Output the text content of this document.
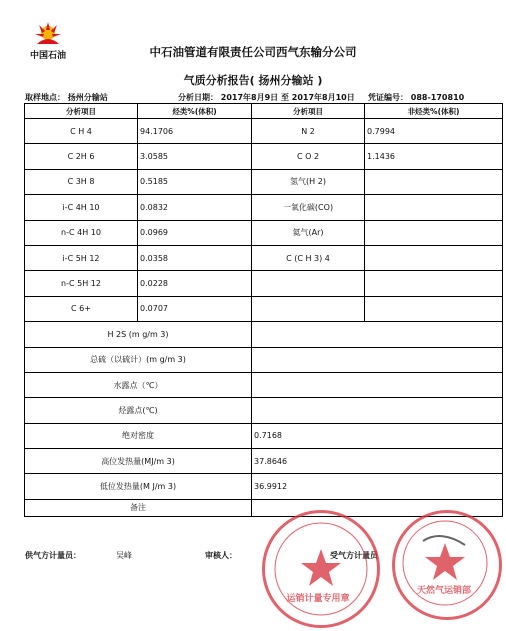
中国石油	中石油管道有限责任公司西气东输分公司
气质分析报告( 扬州分输站 )
取样地点： 扬州分输站	分析日期： 2017年8月9日 至 2017年8月10日 凭证编号： 088-170810
分析项目	烃类%(体积)	分析项目	非烃类%(体积)
C H 4	94.1706	N 2	0.7994
C 2H 6	3.0585	C O 2	1.1436
C 3H 8	0.5185	氢气(H 2)	
i-C 4H 10	0.0832	一氧化碳(CO)	
n-C 4H 10	0.0969	氦气(Ar)	
i-C 5H 12	0.0358	C (C H 3) 4	
n-C 5H 12	0.0228		
C 6+	0.0707		
H 2S (m g/m 3)			
总硫（以硫计）(m g/m 3)			
水露点（℃）			
烃露点(℃)			
绝对密度		0.7168	
高位发热量(MJ/m 3)		37.8646	
低位发热量(M J/m 3)		36.9912	
备注			
供气方计量员：	吴峰	审核人：	受气方计量员
运销计量专用章
天然气运销部
